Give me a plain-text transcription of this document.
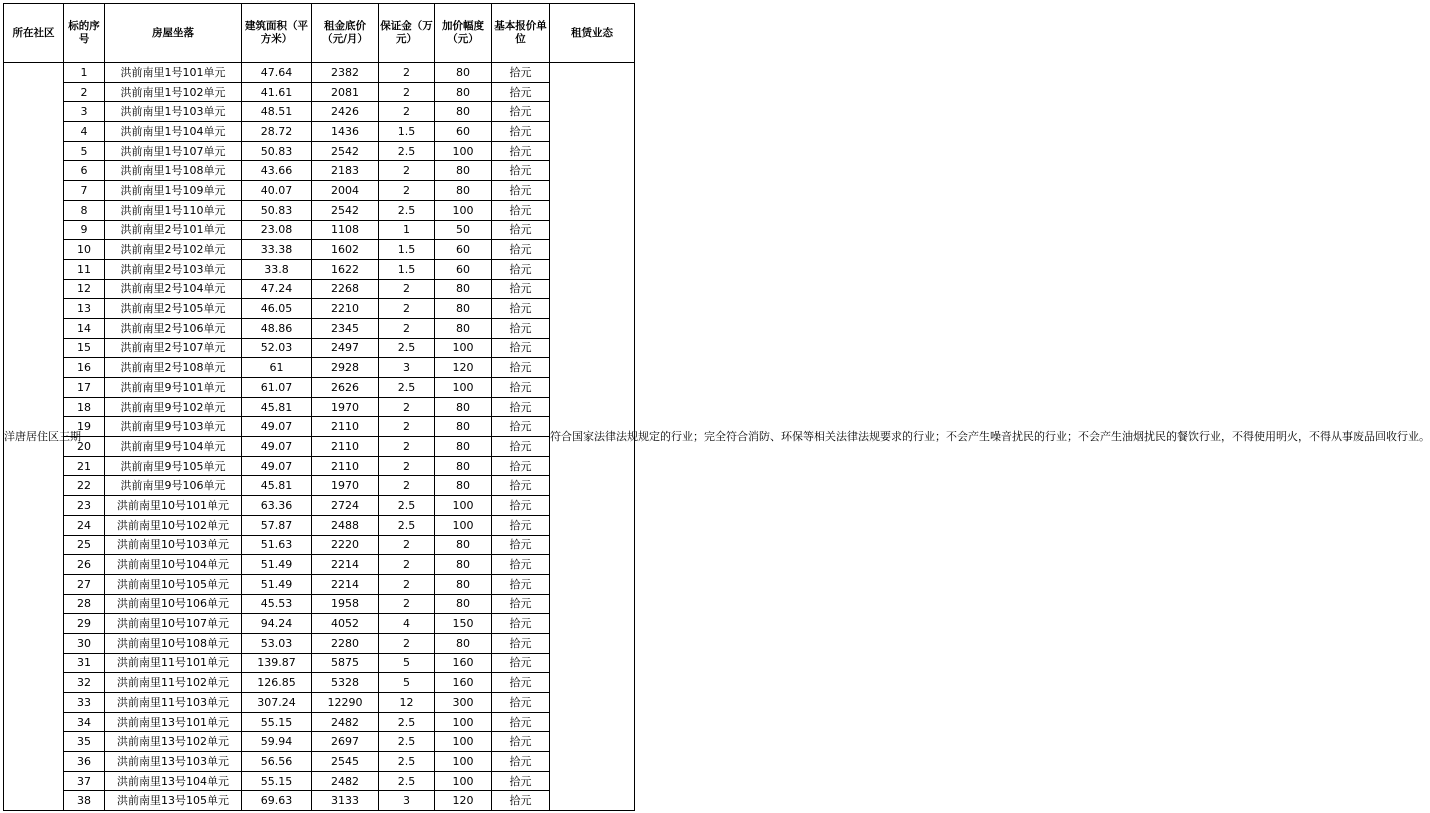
所在社区	标的序号	房屋坐落	建筑面积（平方米）	租金底价（元/月）	保证金（万元）	加价幅度（元）	基本报价单位	租赁业态
洋唐居住区三期	1	洪前南里1号101单元	47.64	2382	2	80	拾元	符合国家法律法规规定的行业；完全符合消防、环保等相关法律法规要求的行业；不会产生噪音扰民的行业；不会产生油烟扰民的餐饮行业，不得使用明火，不得从事废品回收行业。
	2	洪前南里1号102单元	41.61	2081	2	80	拾元	
	3	洪前南里1号103单元	48.51	2426	2	80	拾元	
	4	洪前南里1号104单元	28.72	1436	1.5	60	拾元	
	5	洪前南里1号107单元	50.83	2542	2.5	100	拾元	
	6	洪前南里1号108单元	43.66	2183	2	80	拾元	
	7	洪前南里1号109单元	40.07	2004	2	80	拾元	
	8	洪前南里1号110单元	50.83	2542	2.5	100	拾元	
	9	洪前南里2号101单元	23.08	1108	1	50	拾元	
	10	洪前南里2号102单元	33.38	1602	1.5	60	拾元	
	11	洪前南里2号103单元	33.8	1622	1.5	60	拾元	
	12	洪前南里2号104单元	47.24	2268	2	80	拾元	
	13	洪前南里2号105单元	46.05	2210	2	80	拾元	
	14	洪前南里2号106单元	48.86	2345	2	80	拾元	
	15	洪前南里2号107单元	52.03	2497	2.5	100	拾元	
	16	洪前南里2号108单元	61	2928	3	120	拾元	
	17	洪前南里9号101单元	61.07	2626	2.5	100	拾元	
	18	洪前南里9号102单元	45.81	1970	2	80	拾元	
	19	洪前南里9号103单元	49.07	2110	2	80	拾元	
	20	洪前南里9号104单元	49.07	2110	2	80	拾元	
	21	洪前南里9号105单元	49.07	2110	2	80	拾元	
	22	洪前南里9号106单元	45.81	1970	2	80	拾元	
	23	洪前南里10号101单元	63.36	2724	2.5	100	拾元	
	24	洪前南里10号102单元	57.87	2488	2.5	100	拾元	
	25	洪前南里10号103单元	51.63	2220	2	80	拾元	
	26	洪前南里10号104单元	51.49	2214	2	80	拾元	
	27	洪前南里10号105单元	51.49	2214	2	80	拾元	
	28	洪前南里10号106单元	45.53	1958	2	80	拾元	
	29	洪前南里10号107单元	94.24	4052	4	150	拾元	
	30	洪前南里10号108单元	53.03	2280	2	80	拾元	
	31	洪前南里11号101单元	139.87	5875	5	160	拾元	
	32	洪前南里11号102单元	126.85	5328	5	160	拾元	
	33	洪前南里11号103单元	307.24	12290	12	300	拾元	
	34	洪前南里13号101单元	55.15	2482	2.5	100	拾元	
	35	洪前南里13号102单元	59.94	2697	2.5	100	拾元	
	36	洪前南里13号103单元	56.56	2545	2.5	100	拾元	
	37	洪前南里13号104单元	55.15	2482	2.5	100	拾元	
	38	洪前南里13号105单元	69.63	3133	3	120	拾元	
